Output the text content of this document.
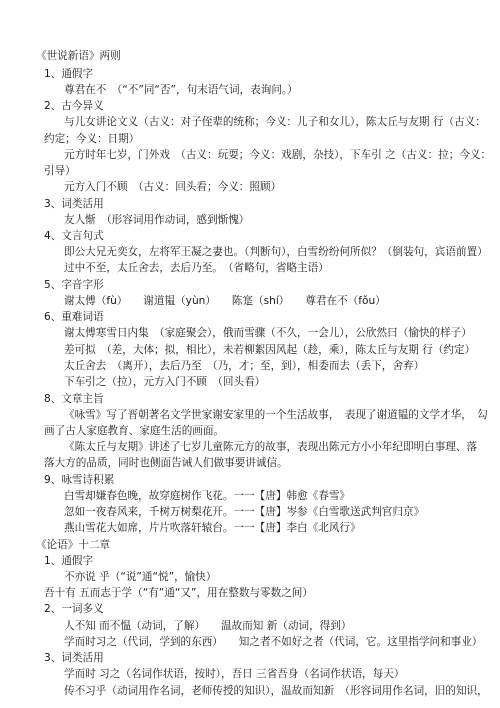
《世说新语》两则
1、通假字
尊君在不　（“不”同“否”，句末语气词，表询问。）
2、古今异义
与儿女讲论文义（古义：对子侄辈的统称；今义：儿子和女儿），陈太丘与友期 行（古义：
约定；今义：日期）
元方时年七岁，门外戏　（古义：玩耍；今义：戏剧，杂技），下车引 之（古义：拉；今义：
引导）
元方入门不顾　（古义：回头看；今义：照顾）
3、词类活用
友人惭　（形容词用作动词，感到惭愧）
4、文言句式
即公大兄无奕女，左将军王凝之妻也。（判断句），白雪纷纷何所似？（倒装句，宾语前置）
过中不至，太丘舍去，去后乃至。　（省略句，省略主语）
5、字音字形
谢太傅（fù）　　谢道韫（yùn）　　陈寔（shí）　　尊君在不（fǒu）
6、重难词语
谢太傅寒雪日内集　（家庭聚会），俄而雪骤（不久，一会儿），公欣然曰（愉快的样子）
差可拟　（差，大体；拟，相比），未若柳絮因风起（趁，乘），陈太丘与友期 行（约定）
太丘舍去　（离开），去后乃至　（乃，才；至，到），相委而去（丢下，舍弃）
下车引之（拉），元方入门不顾　（回头看）
8、文章主旨
《咏雪》写了晋朝著名文学世家谢安家里的一个生活故事，　表现了谢道韫的文学才华，　勾
画了古人家庭教育、家庭生活的画面。
《陈太丘与友期》讲述了七岁儿童陈元方的故事，表现出陈元方小小年纪即明白事理、落
落大方的品质，同时也侧面告诫人们做事要讲诚信。
9、咏雪诗积累
白雪却嫌春色晚，故穿庭树作飞花。一一【唐】韩愈《春雪》
忽如一夜春风来，千树万树梨花开。一一【唐】岑参《白雪歌送武判官归京》
燕山雪花大如席，片片吹落轩辕台。一一【唐】李白《北风行》
《论语》十二章
1、通假字
不亦说 乎（“说”通“悦”，愉快）
吾十有 五而志于学（“有”通“又”，用在整数与零数之间）
2、一词多义
人不知 而不愠（动词，了解）　　温故而知 新（动词，得到）
学而时习之（代词，学到的东西）　　知之者不如好之者（代词，它。这里指学问和事业）
3、词类活用
学而时 习之（名词作状语，按时），吾日 三省吾身（名词作状语，每天）
传不习乎（动词用作名词，老师传授的知识），温故而知新　（形容词用作名词，旧的知识，
